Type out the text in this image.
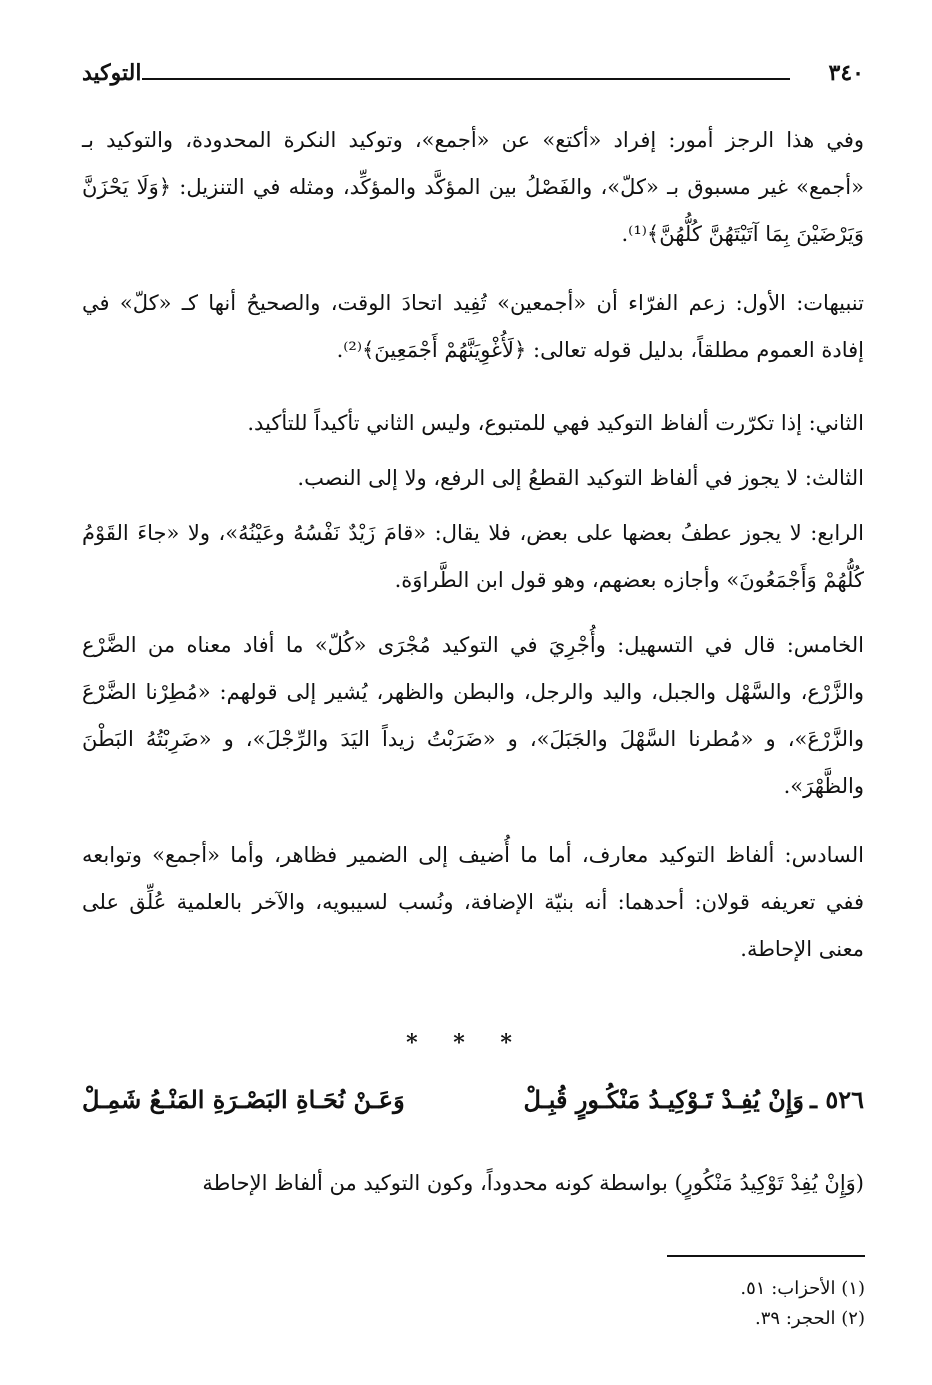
٣٤٠
التوكيد

وفي هذا الرجز أمور: إفراد «أكتع» عن «أجمع»، وتوكيد النكرة المحدودة، والتوكيد بـ «أجمع» غير مسبوق بـ «كلّ»، والفَصْلُ بين المؤكَّد والمؤكِّد، ومثله في التنزيل: ﴿وَلَا يَحْزَنَّ وَيَرْضَيْنَ بِمَا آتَيْتَهُنَّ كُلُّهُنَّ﴾⁽¹⁾.

تنبيهات: الأول: زعم الفرّاء أن «أجمعين» تُفِيد اتحادَ الوقت، والصحيحُ أنها كـ «كلّ» في إفادة العموم مطلقاً، بدليل قوله تعالى: ﴿لَأُغْوِيَنَّهُمْ أَجْمَعِينَ﴾⁽²⁾.

الثاني: إذا تكرّرت ألفاظ التوكيد فهي للمتبوع، وليس الثاني تأكيداً للتأكيد.

الثالث: لا يجوز في ألفاظ التوكيد القطعُ إلى الرفع، ولا إلى النصب.

الرابع: لا يجوز عطفُ بعضها على بعض، فلا يقال: «قامَ زَيْدٌ نَفْسُهُ وعَيْنُهُ»، ولا «جاءَ القَوْمُ كُلُّهُمْ وَأَجْمَعُونَ» وأجازه بعضهم، وهو قول ابن الطَّراوَة.

الخامس: قال في التسهيل: وأُجْرِيَ في التوكيد مُجْرَى «كُلّ» ما أفاد معناه من الضَّرْع والزَّرْع، والسَّهْل والجبل، واليد والرجل، والبطن والظهر، يُشير إلى قولهم: «مُطِرْنا الضَّرْعَ والزَّرْعَ»، و «مُطرنا السَّهْلَ والجَبَلَ»، و «ضَرَبْتُ زيداً اليَدَ والرِّجْلَ»، و «ضَرِبْتُهُ البَطْنَ والظَّهْرَ».

السادس: ألفاظ التوكيد معارف، أما ما أُضيف إلى الضمير فظاهر، وأما «أجمع» وتوابعه ففي تعريفه قولان: أحدهما: أنه بنيّة الإضافة، ونُسب لسيبويه، والآخر بالعلمية عُلِّق على معنى الإحاطة.

* * *
٥٢٦ ـ
وَإِنْ يُفِـدْ تَـوْكِيـدُ مَنْكُـورٍ قُبِـلْ
وَعَـنْ نُحَـاةِ البَصْـرَةِ المَنْـعُ شَمِـلْ

(وَإِنْ يُفِدْ تَوْكِيدُ مَنْكُورٍ) بواسطة كونه محدوداً، وكون التوكيد من ألفاظ الإحاطة

(١) الأحزاب: ٥١.
(٢) الحجر: ٣٩.
